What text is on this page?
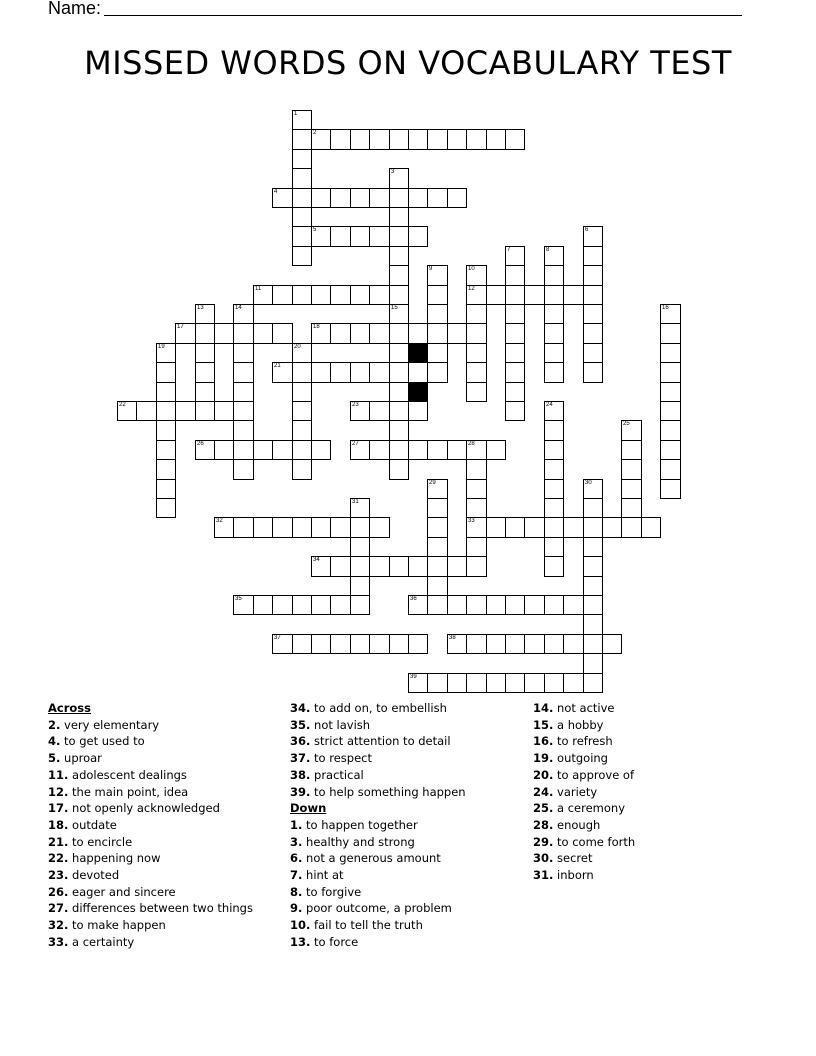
Name:
MISSED WORDS ON VOCABULARY TEST
2
4
5
11	12
17	18
21
22	23
26	27	28
32	33
34
35	36
37	38
39
1
3
15
6
7	8
9	10
13	14	16
19	20
24
25
29	30
31
Across
2. very elementary
4. to get used to
5. uproar
11. adolescent dealings
12. the main point, idea
17. not openly acknowledged
18. outdate
21. to encircle
22. happening now
23. devoted
26. eager and sincere
27. differences between two things
32. to make happen
33. a certainty
34. to add on, to embellish
35. not lavish
36. strict attention to detail
37. to respect
38. practical
39. to help something happen
Down
1. to happen together
3. healthy and strong
6. not a generous amount
7. hint at
8. to forgive
9. poor outcome, a problem
10. fail to tell the truth
13. to force
14. not active
15. a hobby
16. to refresh
19. outgoing
20. to approve of
24. variety
25. a ceremony
28. enough
29. to come forth
30. secret
31. inborn
